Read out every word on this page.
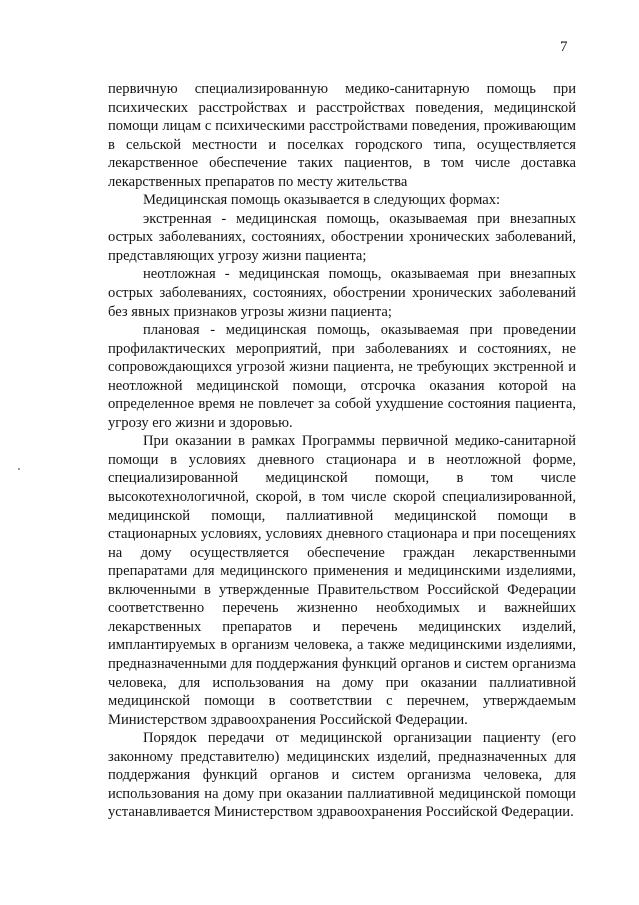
7

первичную специализированную медико-санитарную помощь при психических расстройствах и расстройствах поведения, медицинской помощи лицам с психическими расстройствами поведения, проживающим в сельской местности и поселках городского типа, осуществляется лекарственное обеспечение таких пациентов, в том числе доставка лекарственных препаратов по месту жительства

Медицинская помощь оказывается в следующих формах:

экстренная - медицинская помощь, оказываемая при внезапных острых заболеваниях, состояниях, обострении хронических заболеваний, представляющих угрозу жизни пациента;

неотложная - медицинская помощь, оказываемая при внезапных острых заболеваниях, состояниях, обострении хронических заболеваний без явных признаков угрозы жизни пациента;

плановая - медицинская помощь, оказываемая при проведении профилактических мероприятий, при заболеваниях и состояниях, не сопровождающихся угрозой жизни пациента, не требующих экстренной и неотложной медицинской помощи, отсрочка оказания которой на определенное время не повлечет за собой ухудшение состояния пациента, угрозу его жизни и здоровью.

При оказании в рамках Программы первичной медико-санитарной помощи в условиях дневного стационара и в неотложной форме, специализированной медицинской помощи, в том числе высокотехнологичной, скорой, в том числе скорой специализированной, медицинской помощи, паллиативной медицинской помощи в стационарных условиях, условиях дневного стационара и при посещениях на дому осуществляется обеспечение граждан лекарственными препаратами для медицинского применения и медицинскими изделиями, включенными в утвержденные Правительством Российской Федерации соответственно перечень жизненно необходимых и важнейших лекарственных препаратов и перечень медицинских изделий, имплантируемых в организм человека, а также медицинскими изделиями, предназначенными для поддержания функций органов и систем организма человека, для использования на дому при оказании паллиативной медицинской помощи в соответствии с перечнем, утверждаемым Министерством здравоохранения Российской Федерации.

Порядок передачи от медицинской организации пациенту (его законному представителю) медицинских изделий, предназначенных для поддержания функций органов и систем организма человека, для использования на дому при оказании паллиативной медицинской помощи устанавливается Министерством здравоохранения Российской Федерации.
